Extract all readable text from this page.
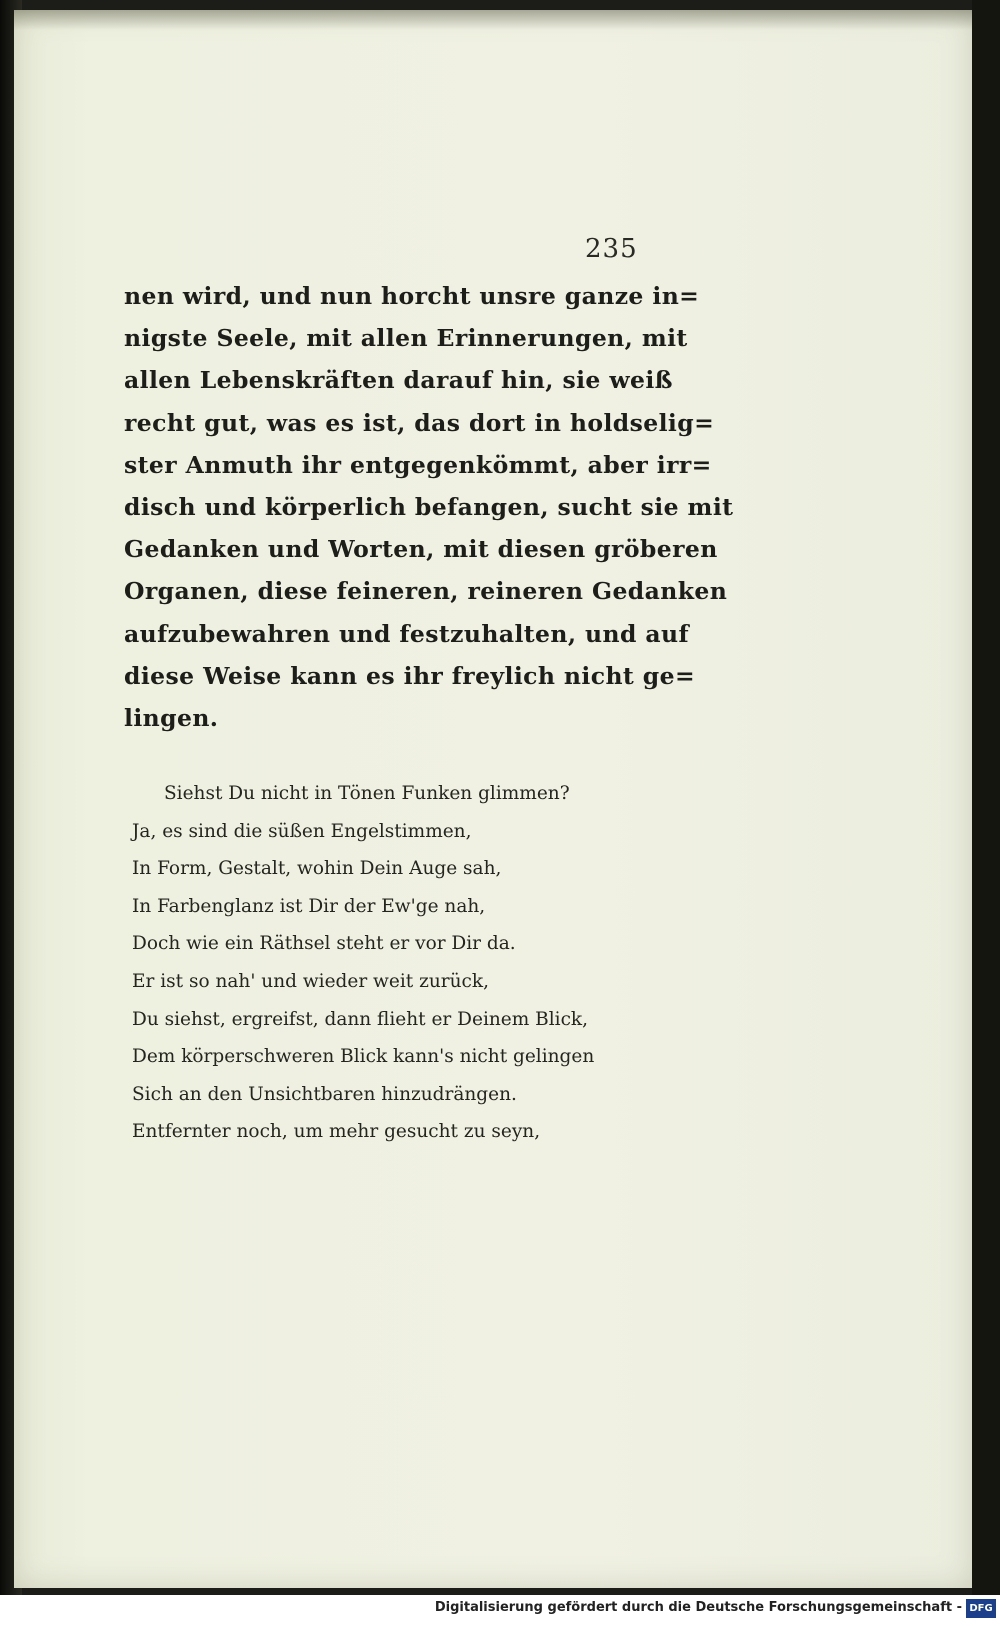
235
nen wird, und nun horcht unsre ganze in=
nigste Seele, mit allen Erinnerungen, mit
allen Lebenskräften darauf hin, sie weiß
recht gut, was es ist, das dort in holdselig=
ster Anmuth ihr entgegenkömmt, aber irr=
disch und körperlich befangen, sucht sie mit
Gedanken und Worten, mit diesen gröberen
Organen, diese feineren, reineren Gedanken
aufzubewahren und festzuhalten, und auf
diese Weise kann es ihr freylich nicht ge=
lingen.
Siehst Du nicht in Tönen Funken glimmen?
Ja, es sind die süßen Engelstimmen,
In Form, Gestalt, wohin Dein Auge sah,
In Farbenglanz ist Dir der Ew'ge nah,
Doch wie ein Räthsel steht er vor Dir da.
Er ist so nah' und wieder weit zurück,
Du siehst, ergreifst, dann flieht er Deinem Blick,
Dem körperschweren Blick kann's nicht gelingen
Sich an den Unsichtbaren hinzudrängen.
Entfernter noch, um mehr gesucht zu seyn,
Digitalisierung gefördert durch die Deutsche Forschungsgemeinschaft - DFG
